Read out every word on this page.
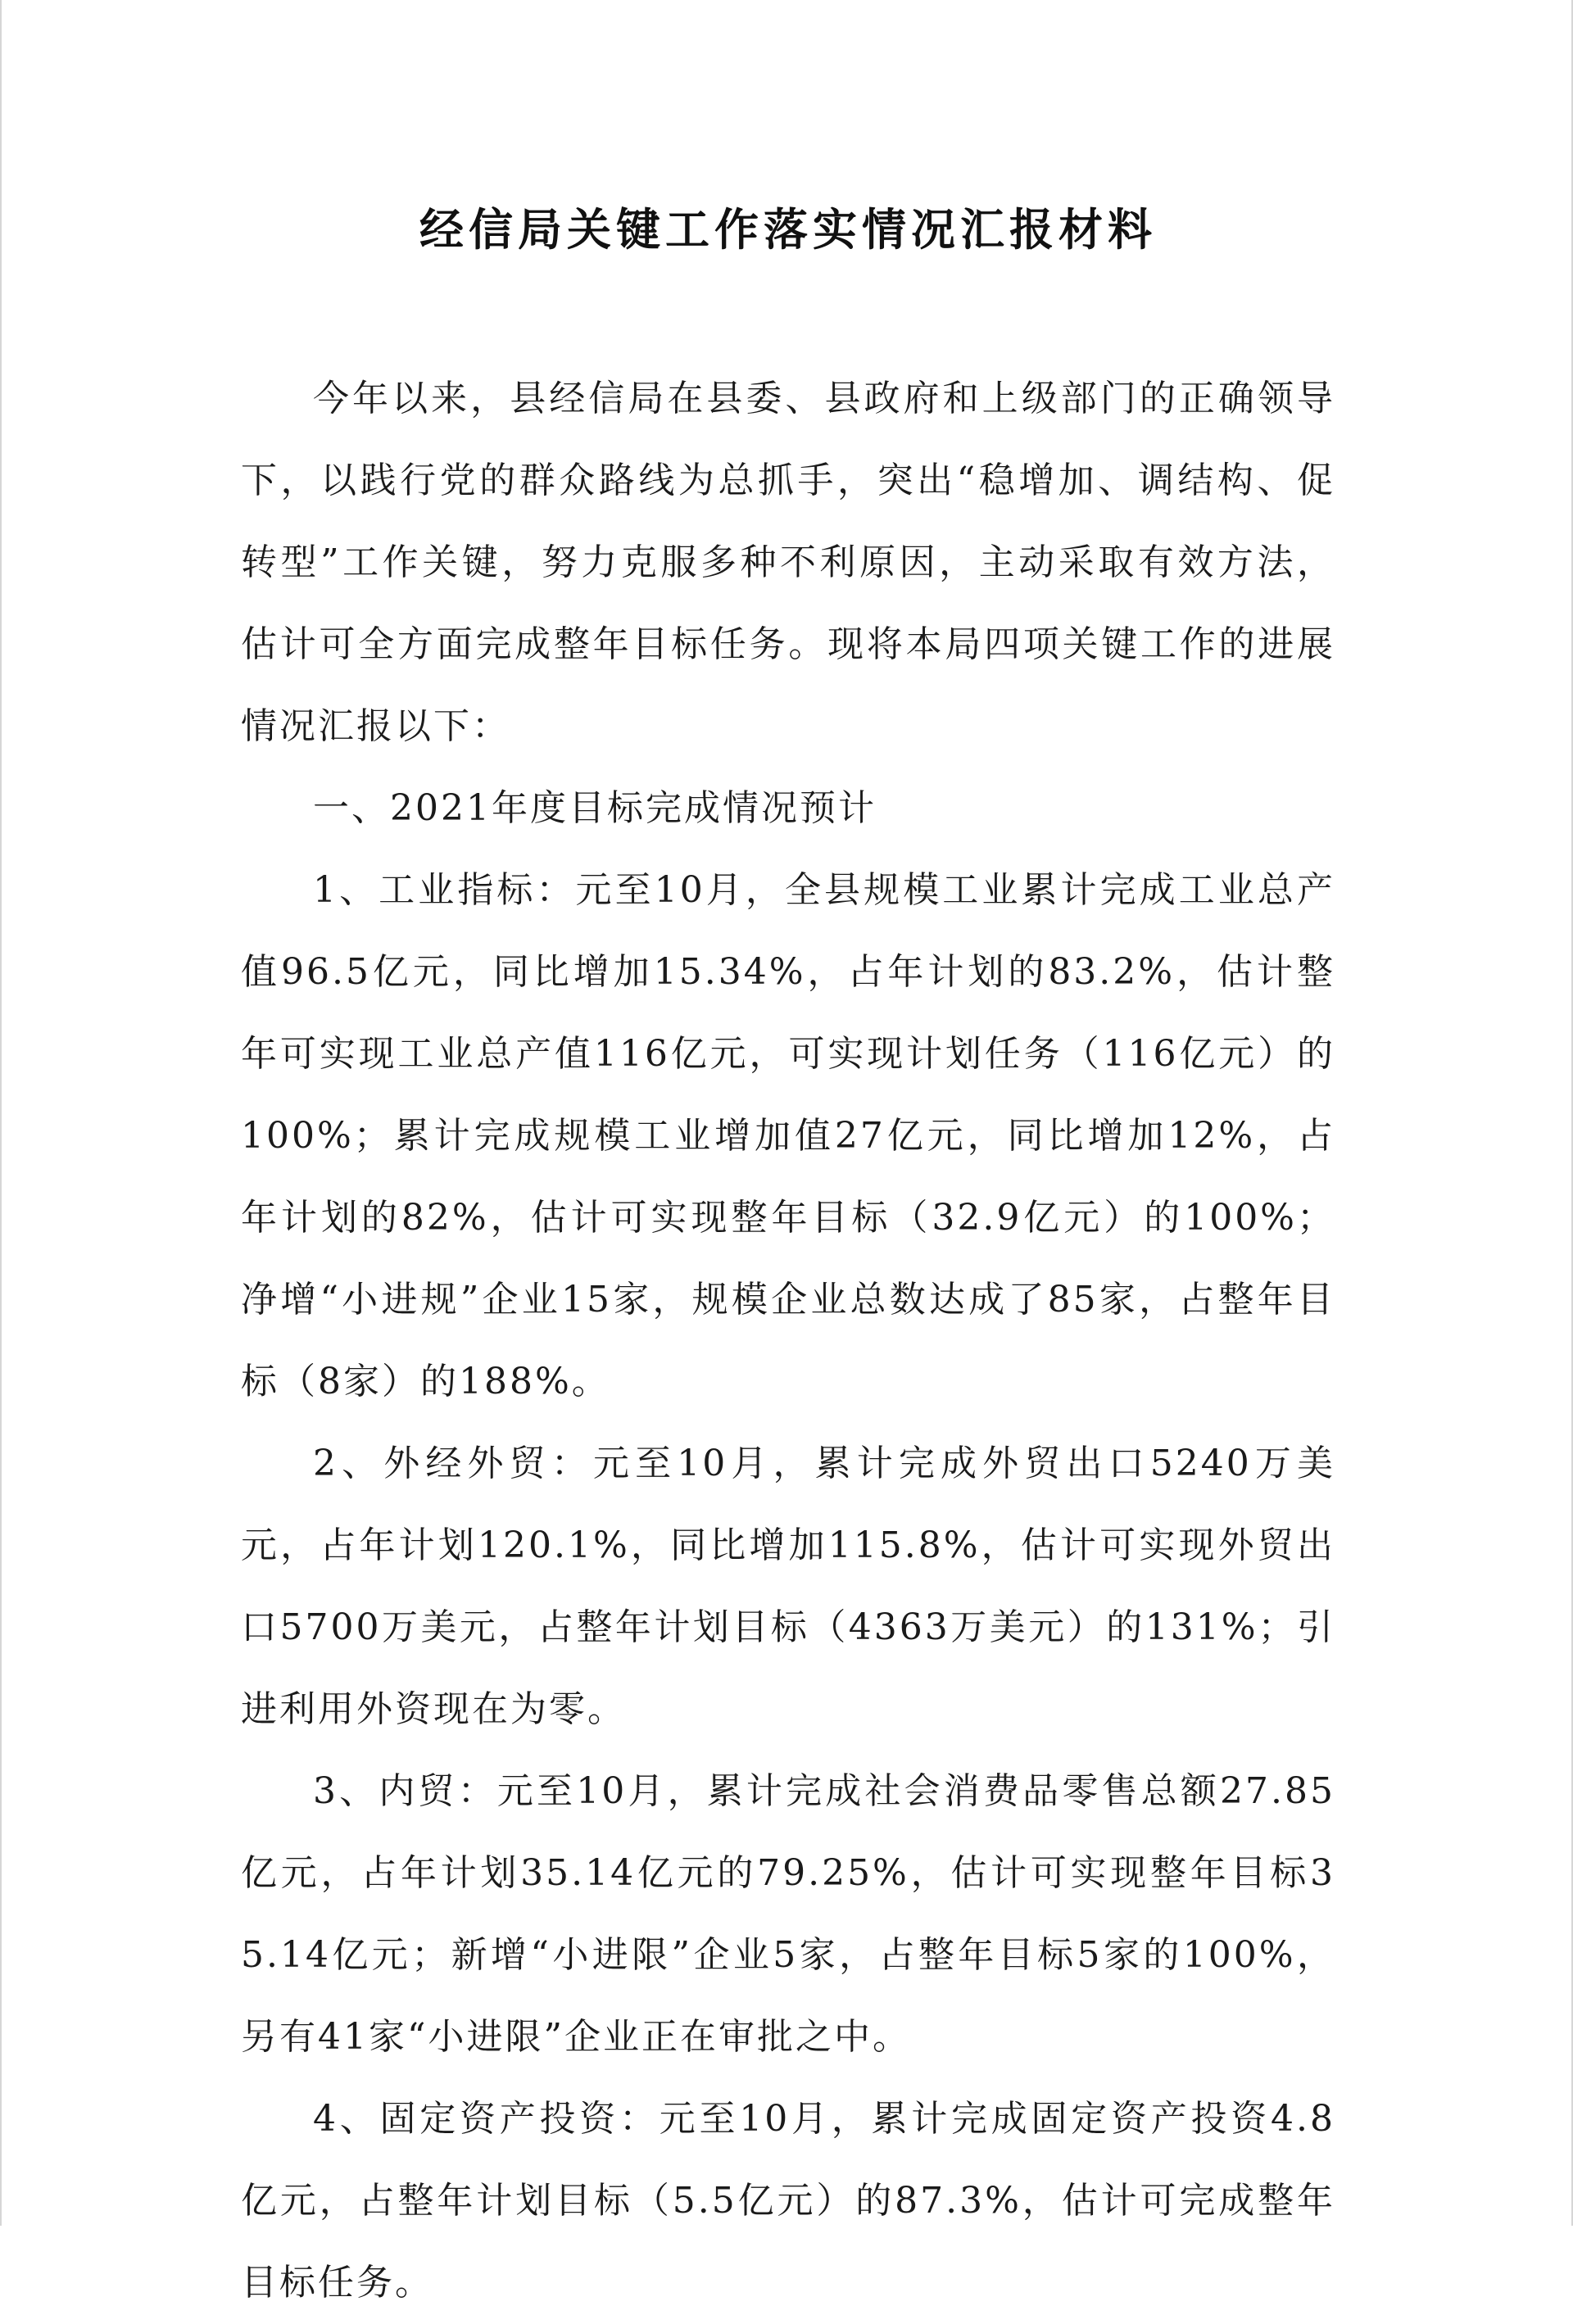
经信局关键工作落实情况汇报材料

今年以来，县经信局在县委、县政府和上级部门的正确领导下，以践行党的群众路线为总抓手，突出“稳增加、调结构、促转型”工作关键，努力克服多种不利原因，主动采取有效方法，估计可全方面完成整年目标任务。现将本局四项关键工作的进展情况汇报以下：

一、2021年度目标完成情况预计

1、工业指标：元至10月，全县规模工业累计完成工业总产值96.5亿元，同比增加15.34%，占年计划的83.2%，估计整年可实现工业总产值116亿元，可实现计划任务（116亿元）的100%；累计完成规模工业增加值27亿元，同比增加12%，占年计划的82%，估计可实现整年目标（32.9亿元）的100%；净增“小进规”企业15家，规模企业总数达成了85家，占整年目标（8家）的188%。

2、外经外贸：元至10月，累计完成外贸出口5240万美元，占年计划120.1%，同比增加115.8%，估计可实现外贸出口5700万美元，占整年计划目标（4363万美元）的131%；引进利用外资现在为零。

3、内贸：元至10月，累计完成社会消费品零售总额27.85亿元，占年计划35.14亿元的79.25%，估计可实现整年目标35.14亿元；新增“小进限”企业5家，占整年目标5家的100%，另有41家“小进限”企业正在审批之中。

4、固定资产投资：元至10月，累计完成固定资产投资4.8亿元，占整年计划目标（5.5亿元）的87.3%，估计可完成整年目标任务。
